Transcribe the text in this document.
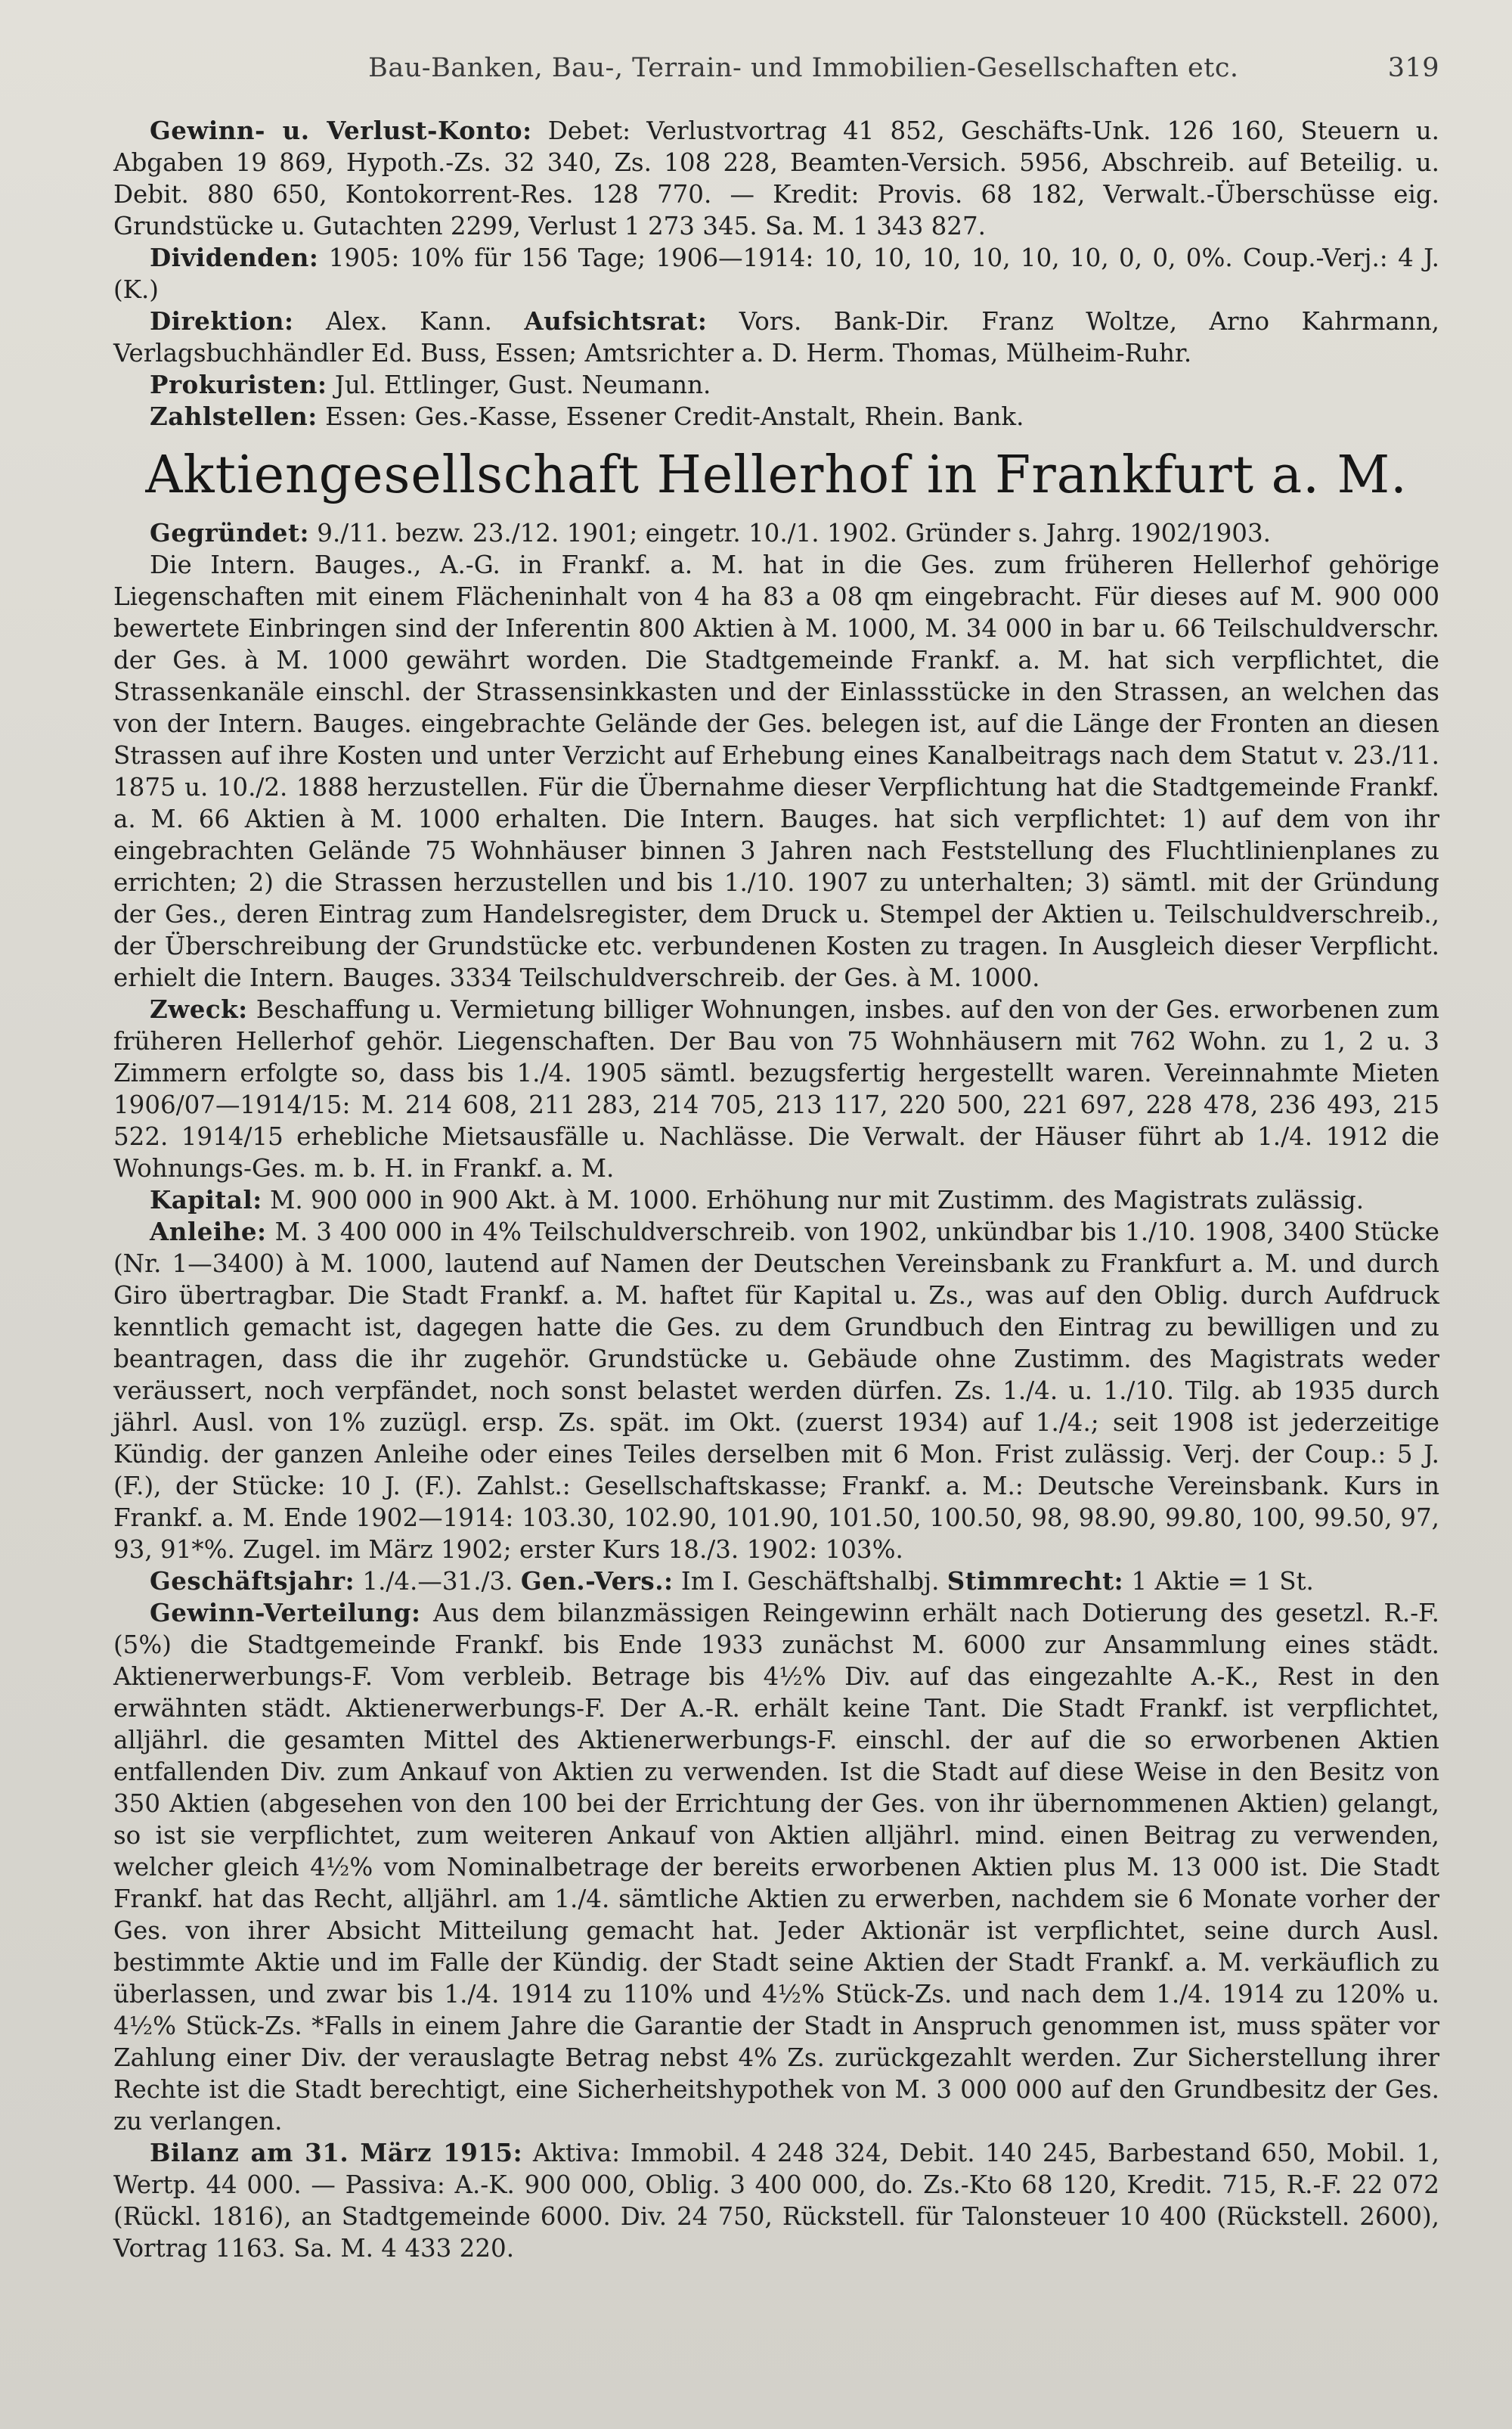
Bau-Banken, Bau-, Terrain- und Immobilien-Gesellschaften etc.	319

Gewinn- u. Verlust-Konto: Debet: Verlustvortrag 41 852, Geschäfts-Unk. 126 160, Steuern u. Abgaben 19 869, Hypoth.-Zs. 32 340, Zs. 108 228, Beamten-Versich. 5956, Abschreib. auf Beteilig. u. Debit. 880 650, Kontokorrent-Res. 128 770. — Kredit: Provis. 68 182, Verwalt.-Überschüsse eig. Grundstücke u. Gutachten 2299, Verlust 1 273 345. Sa. M. 1 343 827.

Dividenden: 1905: 10% für 156 Tage; 1906—1914: 10, 10, 10, 10, 10, 10, 0, 0, 0%. Coup.-Verj.: 4 J. (K.)

Direktion: Alex. Kann. Aufsichtsrat: Vors. Bank-Dir. Franz Woltze, Arno Kahrmann, Verlagsbuchhändler Ed. Buss, Essen; Amtsrichter a. D. Herm. Thomas, Mülheim-Ruhr.

Prokuristen: Jul. Ettlinger, Gust. Neumann.

Zahlstellen: Essen: Ges.-Kasse, Essener Credit-Anstalt, Rhein. Bank.

Aktiengesellschaft Hellerhof in Frankfurt a. M.

Gegründet: 9./11. bezw. 23./12. 1901; eingetr. 10./1. 1902. Gründer s. Jahrg. 1902/1903.

Die Intern. Bauges., A.-G. in Frankf. a. M. hat in die Ges. zum früheren Hellerhof gehörige Liegenschaften mit einem Flächeninhalt von 4 ha 83 a 08 qm eingebracht. Für dieses auf M. 900 000 bewertete Einbringen sind der Inferentin 800 Aktien à M. 1000, M. 34 000 in bar u. 66 Teilschuldverschr. der Ges. à M. 1000 gewährt worden. Die Stadtgemeinde Frankf. a. M. hat sich verpflichtet, die Strassenkanäle einschl. der Strassensinkkasten und der Einlassstücke in den Strassen, an welchen das von der Intern. Bauges. eingebrachte Gelände der Ges. belegen ist, auf die Länge der Fronten an diesen Strassen auf ihre Kosten und unter Verzicht auf Erhebung eines Kanalbeitrags nach dem Statut v. 23./11. 1875 u. 10./2. 1888 herzustellen. Für die Übernahme dieser Verpflichtung hat die Stadtgemeinde Frankf. a. M. 66 Aktien à M. 1000 erhalten. Die Intern. Bauges. hat sich verpflichtet: 1) auf dem von ihr eingebrachten Gelände 75 Wohnhäuser binnen 3 Jahren nach Feststellung des Fluchtlinienplanes zu errichten; 2) die Strassen herzustellen und bis 1./10. 1907 zu unterhalten; 3) sämtl. mit der Gründung der Ges., deren Eintrag zum Handelsregister, dem Druck u. Stempel der Aktien u. Teilschuldverschreib., der Überschreibung der Grundstücke etc. verbundenen Kosten zu tragen. In Ausgleich dieser Verpflicht. erhielt die Intern. Bauges. 3334 Teilschuldverschreib. der Ges. à M. 1000.

Zweck: Beschaffung u. Vermietung billiger Wohnungen, insbes. auf den von der Ges. erworbenen zum früheren Hellerhof gehör. Liegenschaften. Der Bau von 75 Wohnhäusern mit 762 Wohn. zu 1, 2 u. 3 Zimmern erfolgte so, dass bis 1./4. 1905 sämtl. bezugsfertig hergestellt waren. Vereinnahmte Mieten 1906/07—1914/15: M. 214 608, 211 283, 214 705, 213 117, 220 500, 221 697, 228 478, 236 493, 215 522. 1914/15 erhebliche Mietsausfälle u. Nachlässe. Die Verwalt. der Häuser führt ab 1./4. 1912 die Wohnungs-Ges. m. b. H. in Frankf. a. M.

Kapital: M. 900 000 in 900 Akt. à M. 1000. Erhöhung nur mit Zustimm. des Magistrats zulässig.

Anleihe: M. 3 400 000 in 4% Teilschuldverschreib. von 1902, unkündbar bis 1./10. 1908, 3400 Stücke (Nr. 1—3400) à M. 1000, lautend auf Namen der Deutschen Vereinsbank zu Frankfurt a. M. und durch Giro übertragbar. Die Stadt Frankf. a. M. haftet für Kapital u. Zs., was auf den Oblig. durch Aufdruck kenntlich gemacht ist, dagegen hatte die Ges. zu dem Grundbuch den Eintrag zu bewilligen und zu beantragen, dass die ihr zugehör. Grundstücke u. Gebäude ohne Zustimm. des Magistrats weder veräussert, noch verpfändet, noch sonst belastet werden dürfen. Zs. 1./4. u. 1./10. Tilg. ab 1935 durch jährl. Ausl. von 1% zuzügl. ersp. Zs. spät. im Okt. (zuerst 1934) auf 1./4.; seit 1908 ist jederzeitige Kündig. der ganzen Anleihe oder eines Teiles derselben mit 6 Mon. Frist zulässig. Verj. der Coup.: 5 J. (F.), der Stücke: 10 J. (F.). Zahlst.: Gesellschaftskasse; Frankf. a. M.: Deutsche Vereinsbank. Kurs in Frankf. a. M. Ende 1902—1914: 103.30, 102.90, 101.90, 101.50, 100.50, 98, 98.90, 99.80, 100, 99.50, 97, 93, 91*%. Zugel. im März 1902; erster Kurs 18./3. 1902: 103%.

Geschäftsjahr: 1./4.—31./3. Gen.-Vers.: Im I. Geschäftshalbj. Stimmrecht: 1 Aktie = 1 St.

Gewinn-Verteilung: Aus dem bilanzmässigen Reingewinn erhält nach Dotierung des gesetzl. R.-F. (5%) die Stadtgemeinde Frankf. bis Ende 1933 zunächst M. 6000 zur Ansammlung eines städt. Aktienerwerbungs-F. Vom verbleib. Betrage bis 4½% Div. auf das eingezahlte A.-K., Rest in den erwähnten städt. Aktienerwerbungs-F. Der A.-R. erhält keine Tant. Die Stadt Frankf. ist verpflichtet, alljährl. die gesamten Mittel des Aktienerwerbungs-F. einschl. der auf die so erworbenen Aktien entfallenden Div. zum Ankauf von Aktien zu verwenden. Ist die Stadt auf diese Weise in den Besitz von 350 Aktien (abgesehen von den 100 bei der Errichtung der Ges. von ihr übernommenen Aktien) gelangt, so ist sie verpflichtet, zum weiteren Ankauf von Aktien alljährl. mind. einen Beitrag zu verwenden, welcher gleich 4½% vom Nominalbetrage der bereits erworbenen Aktien plus M. 13 000 ist. Die Stadt Frankf. hat das Recht, alljährl. am 1./4. sämtliche Aktien zu erwerben, nachdem sie 6 Monate vorher der Ges. von ihrer Absicht Mitteilung gemacht hat. Jeder Aktionär ist verpflichtet, seine durch Ausl. bestimmte Aktie und im Falle der Kündig. der Stadt seine Aktien der Stadt Frankf. a. M. verkäuflich zu überlassen, und zwar bis 1./4. 1914 zu 110% und 4½% Stück-Zs. und nach dem 1./4. 1914 zu 120% u. 4½% Stück-Zs. *Falls in einem Jahre die Garantie der Stadt in Anspruch genommen ist, muss später vor Zahlung einer Div. der verauslagte Betrag nebst 4% Zs. zurückgezahlt werden. Zur Sicherstellung ihrer Rechte ist die Stadt berechtigt, eine Sicherheitshypothek von M. 3 000 000 auf den Grundbesitz der Ges. zu verlangen.

Bilanz am 31. März 1915: Aktiva: Immobil. 4 248 324, Debit. 140 245, Barbestand 650, Mobil. 1, Wertp. 44 000. — Passiva: A.-K. 900 000, Oblig. 3 400 000, do. Zs.-Kto 68 120, Kredit. 715, R.-F. 22 072 (Rückl. 1816), an Stadtgemeinde 6000. Div. 24 750, Rückstell. für Talonsteuer 10 400 (Rückstell. 2600), Vortrag 1163. Sa. M. 4 433 220.
